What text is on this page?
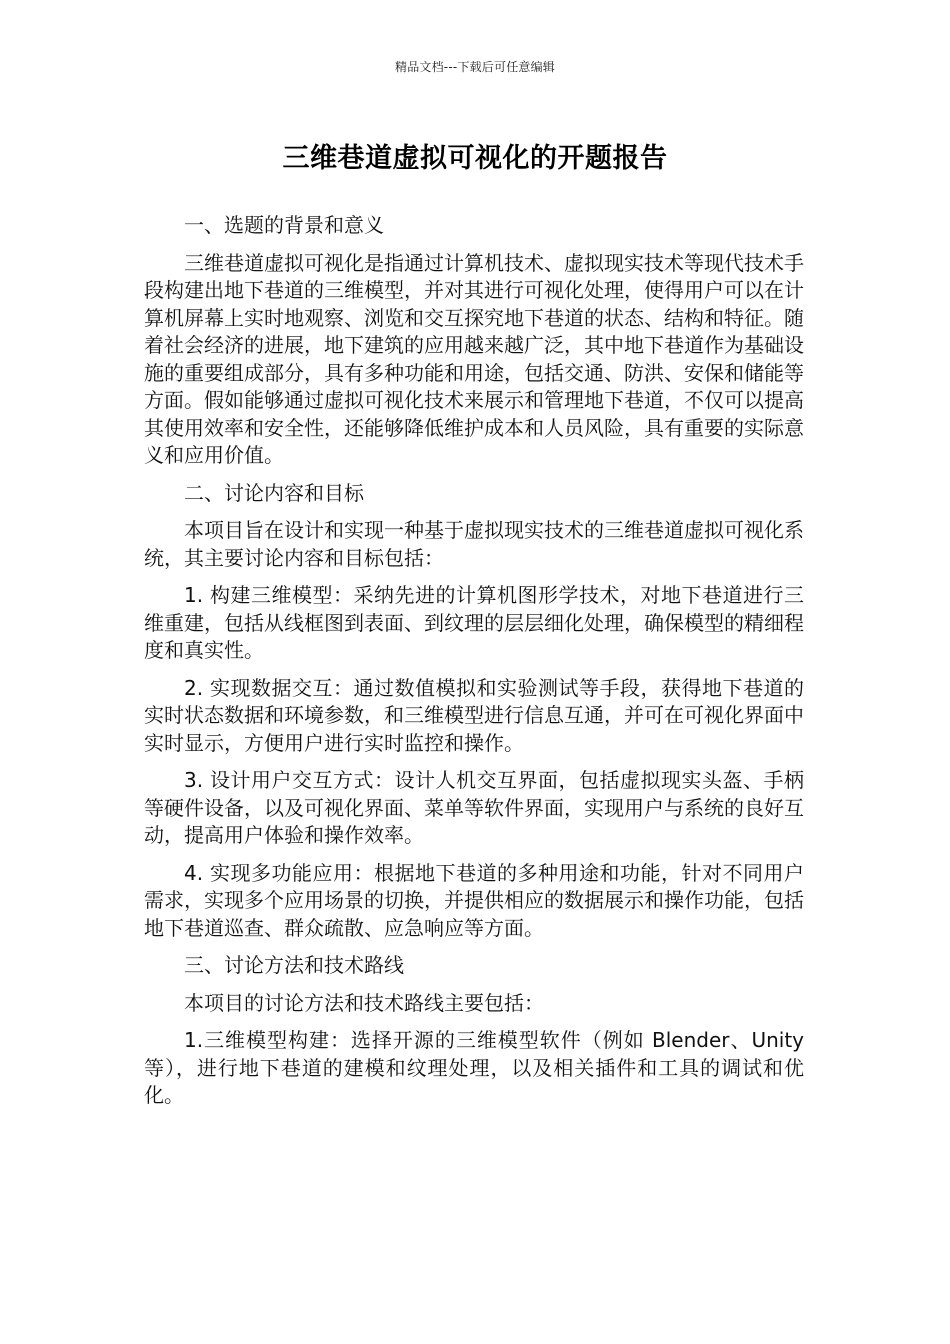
精品文档---下载后可任意编辑
三维巷道虚拟可视化的开题报告

一、选题的背景和意义

三维巷道虚拟可视化是指通过计算机技术、虚拟现实技术等现代技术手段构建出地下巷道的三维模型，并对其进行可视化处理，使得用户可以在计算机屏幕上实时地观察、浏览和交互探究地下巷道的状态、结构和特征。随着社会经济的进展，地下建筑的应用越来越广泛，其中地下巷道作为基础设施的重要组成部分，具有多种功能和用途，包括交通、防洪、安保和储能等方面。假如能够通过虚拟可视化技术来展示和管理地下巷道，不仅可以提高其使用效率和安全性，还能够降低维护成本和人员风险，具有重要的实际意义和应用价值。

二、讨论内容和目标

本项目旨在设计和实现一种基于虚拟现实技术的三维巷道虚拟可视化系统，其主要讨论内容和目标包括：

1. 构建三维模型：采纳先进的计算机图形学技术，对地下巷道进行三维重建，包括从线框图到表面、到纹理的层层细化处理，确保模型的精细程度和真实性。

2. 实现数据交互：通过数值模拟和实验测试等手段，获得地下巷道的实时状态数据和环境参数，和三维模型进行信息互通，并可在可视化界面中实时显示，方便用户进行实时监控和操作。

3. 设计用户交互方式：设计人机交互界面，包括虚拟现实头盔、手柄等硬件设备，以及可视化界面、菜单等软件界面，实现用户与系统的良好互动，提高用户体验和操作效率。

4. 实现多功能应用：根据地下巷道的多种用途和功能，针对不同用户需求，实现多个应用场景的切换，并提供相应的数据展示和操作功能，包括地下巷道巡查、群众疏散、应急响应等方面。

三、讨论方法和技术路线

本项目的讨论方法和技术路线主要包括：

1.三维模型构建：选择开源的三维模型软件（例如 Blender、Unity 等），进行地下巷道的建模和纹理处理，以及相关插件和工具的调试和优化。
